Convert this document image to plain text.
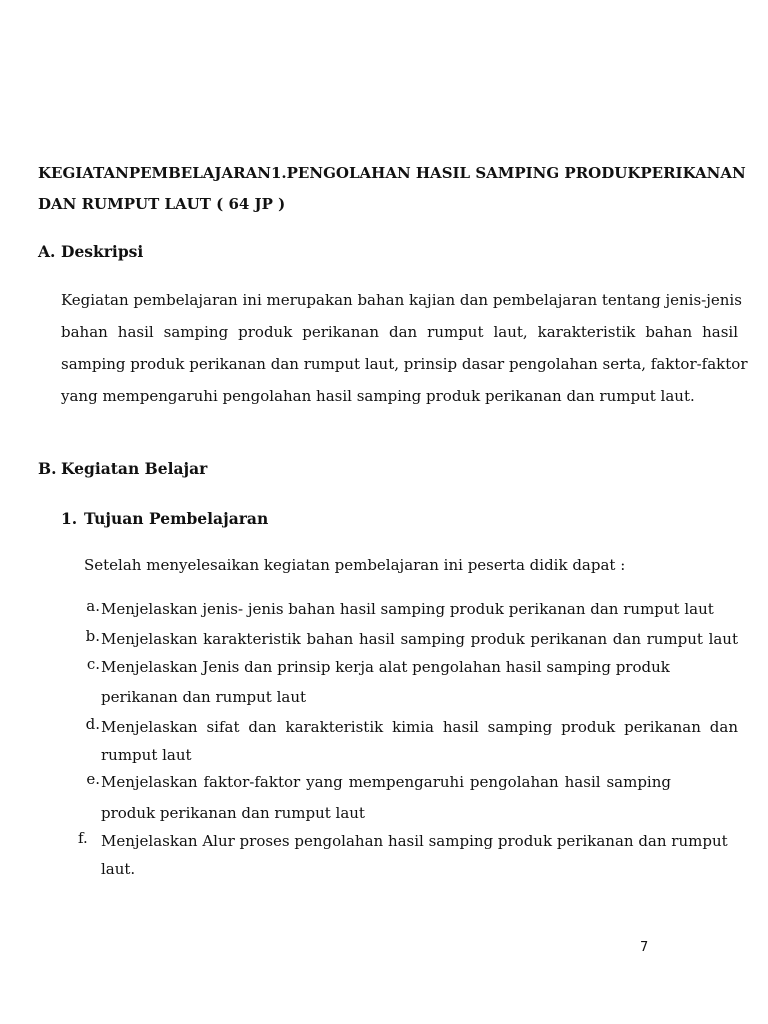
KEGIATAN PEMBELAJARAN 1. PENGOLAHAN HASIL SAMPING PRODUK PERIKANAN
DAN RUMPUT LAUT ( 64 JP )
A. Deskripsi
Kegiatan pembelajaran ini merupakan bahan kajian dan pembelajaran tentang jenis-jenis
bahan hasil samping produk perikanan dan rumput laut, karakteristik bahan hasil
samping produk perikanan dan rumput laut, prinsip dasar pengolahan serta, faktor-faktor
yang mempengaruhi pengolahan hasil samping produk perikanan dan rumput laut.
B. Kegiatan Belajar
1. Tujuan Pembelajaran
Setelah menyelesaikan kegiatan pembelajaran ini peserta didik dapat :
a. Menjelaskan jenis- jenis bahan hasil samping produk perikanan dan rumput laut
b. Menjelaskan karakteristik bahan hasil samping produk perikanan dan rumput laut
c. Menjelaskan Jenis dan prinsip kerja alat pengolahan hasil samping produk
perikanan dan rumput laut
d. Menjelaskan sifat dan karakteristik kimia hasil samping produk perikanan dan
rumput laut
e. Menjelaskan faktor-faktor yang mempengaruhi pengolahan hasil samping
produk perikanan dan rumput laut
f. Menjelaskan Alur proses pengolahan hasil samping produk perikanan dan rumput
laut.
7
